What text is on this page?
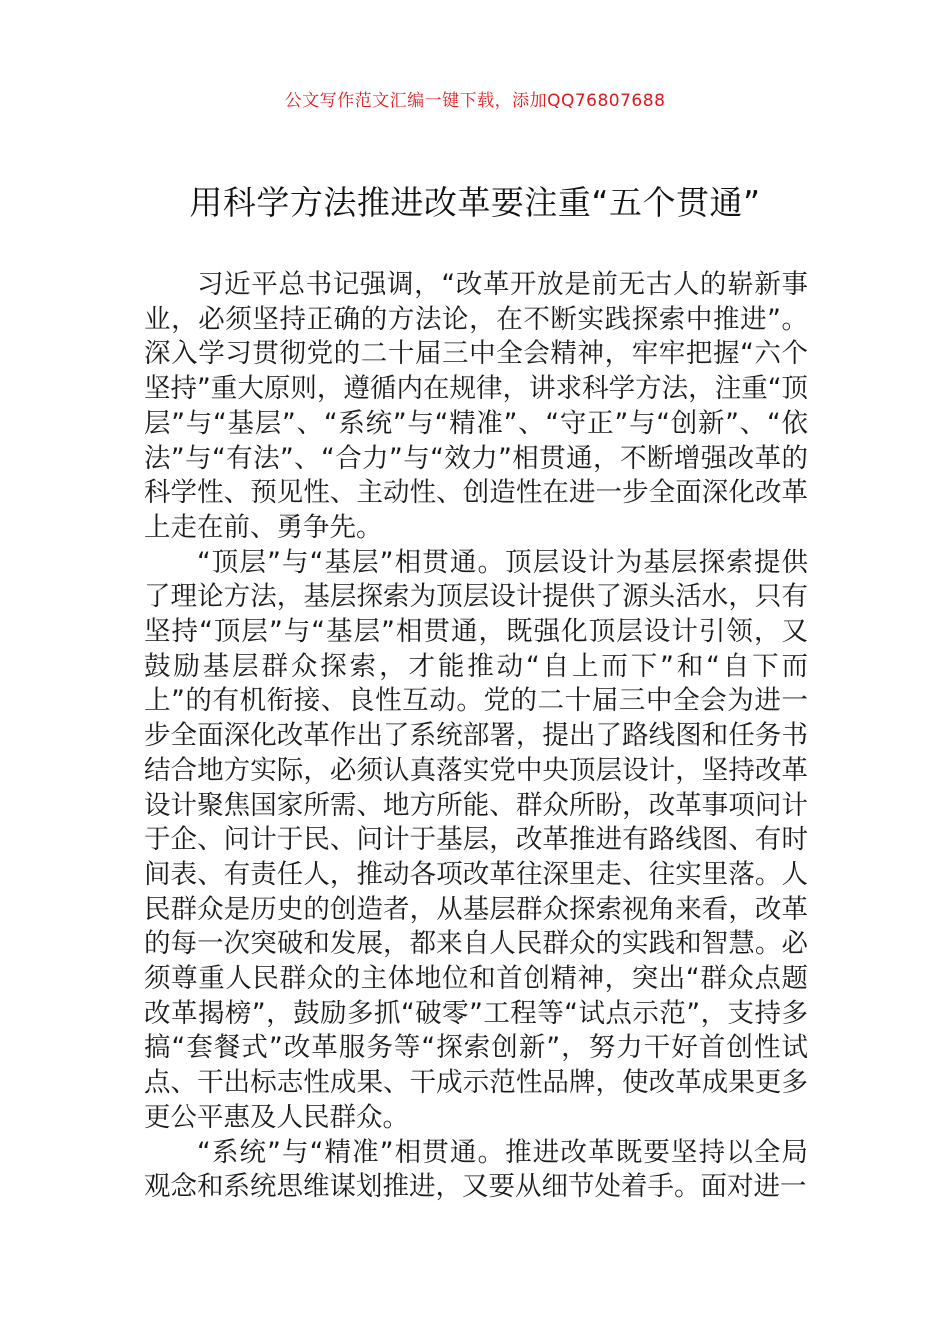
公文写作范文汇编一键下载，添加QQ76807688
用科学方法推进改革要注重“五个贯通”

习近平总书记强调，“改革开放是前无古人的崭新事业，必须坚持正确的方法论，在不断实践探索中推进”。深入学习贯彻党的二十届三中全会精神，牢牢把握“六个坚持”重大原则，遵循内在规律，讲求科学方法，注重“顶层”与“基层”、“系统”与“精准”、“守正”与“创新”、“依法”与“有法”、“合力”与“效力”相贯通，不断增强改革的科学性、预见性、主动性、创造性在进一步全面深化改革上走在前、勇争先。

“顶层”与“基层”相贯通。顶层设计为基层探索提供了理论方法，基层探索为顶层设计提供了源头活水，只有坚持“顶层”与“基层”相贯通，既强化顶层设计引领，又鼓励基层群众探索，才能推动“自上而下”和“自下而上”的有机衔接、良性互动。党的二十届三中全会为进一步全面深化改革作出了系统部署，提出了路线图和任务书结合地方实际，必须认真落实党中央顶层设计，坚持改革设计聚焦国家所需、地方所能、群众所盼，改革事项问计于企、问计于民、问计于基层，改革推进有路线图、有时间表、有责任人，推动各项改革往深里走、往实里落。人民群众是历史的创造者，从基层群众探索视角来看，改革的每一次突破和发展，都来自人民群众的实践和智慧。必须尊重人民群众的主体地位和首创精神，突出“群众点题改革揭榜”，鼓励多抓“破零”工程等“试点示范”，支持多搞“套餐式”改革服务等“探索创新”，努力干好首创性试点、干出标志性成果、干成示范性品牌，使改革成果更多更公平惠及人民群众。

“系统”与“精准”相贯通。推进改革既要坚持以全局观念和系统思维谋划推进，又要从细节处着手。面对进一
